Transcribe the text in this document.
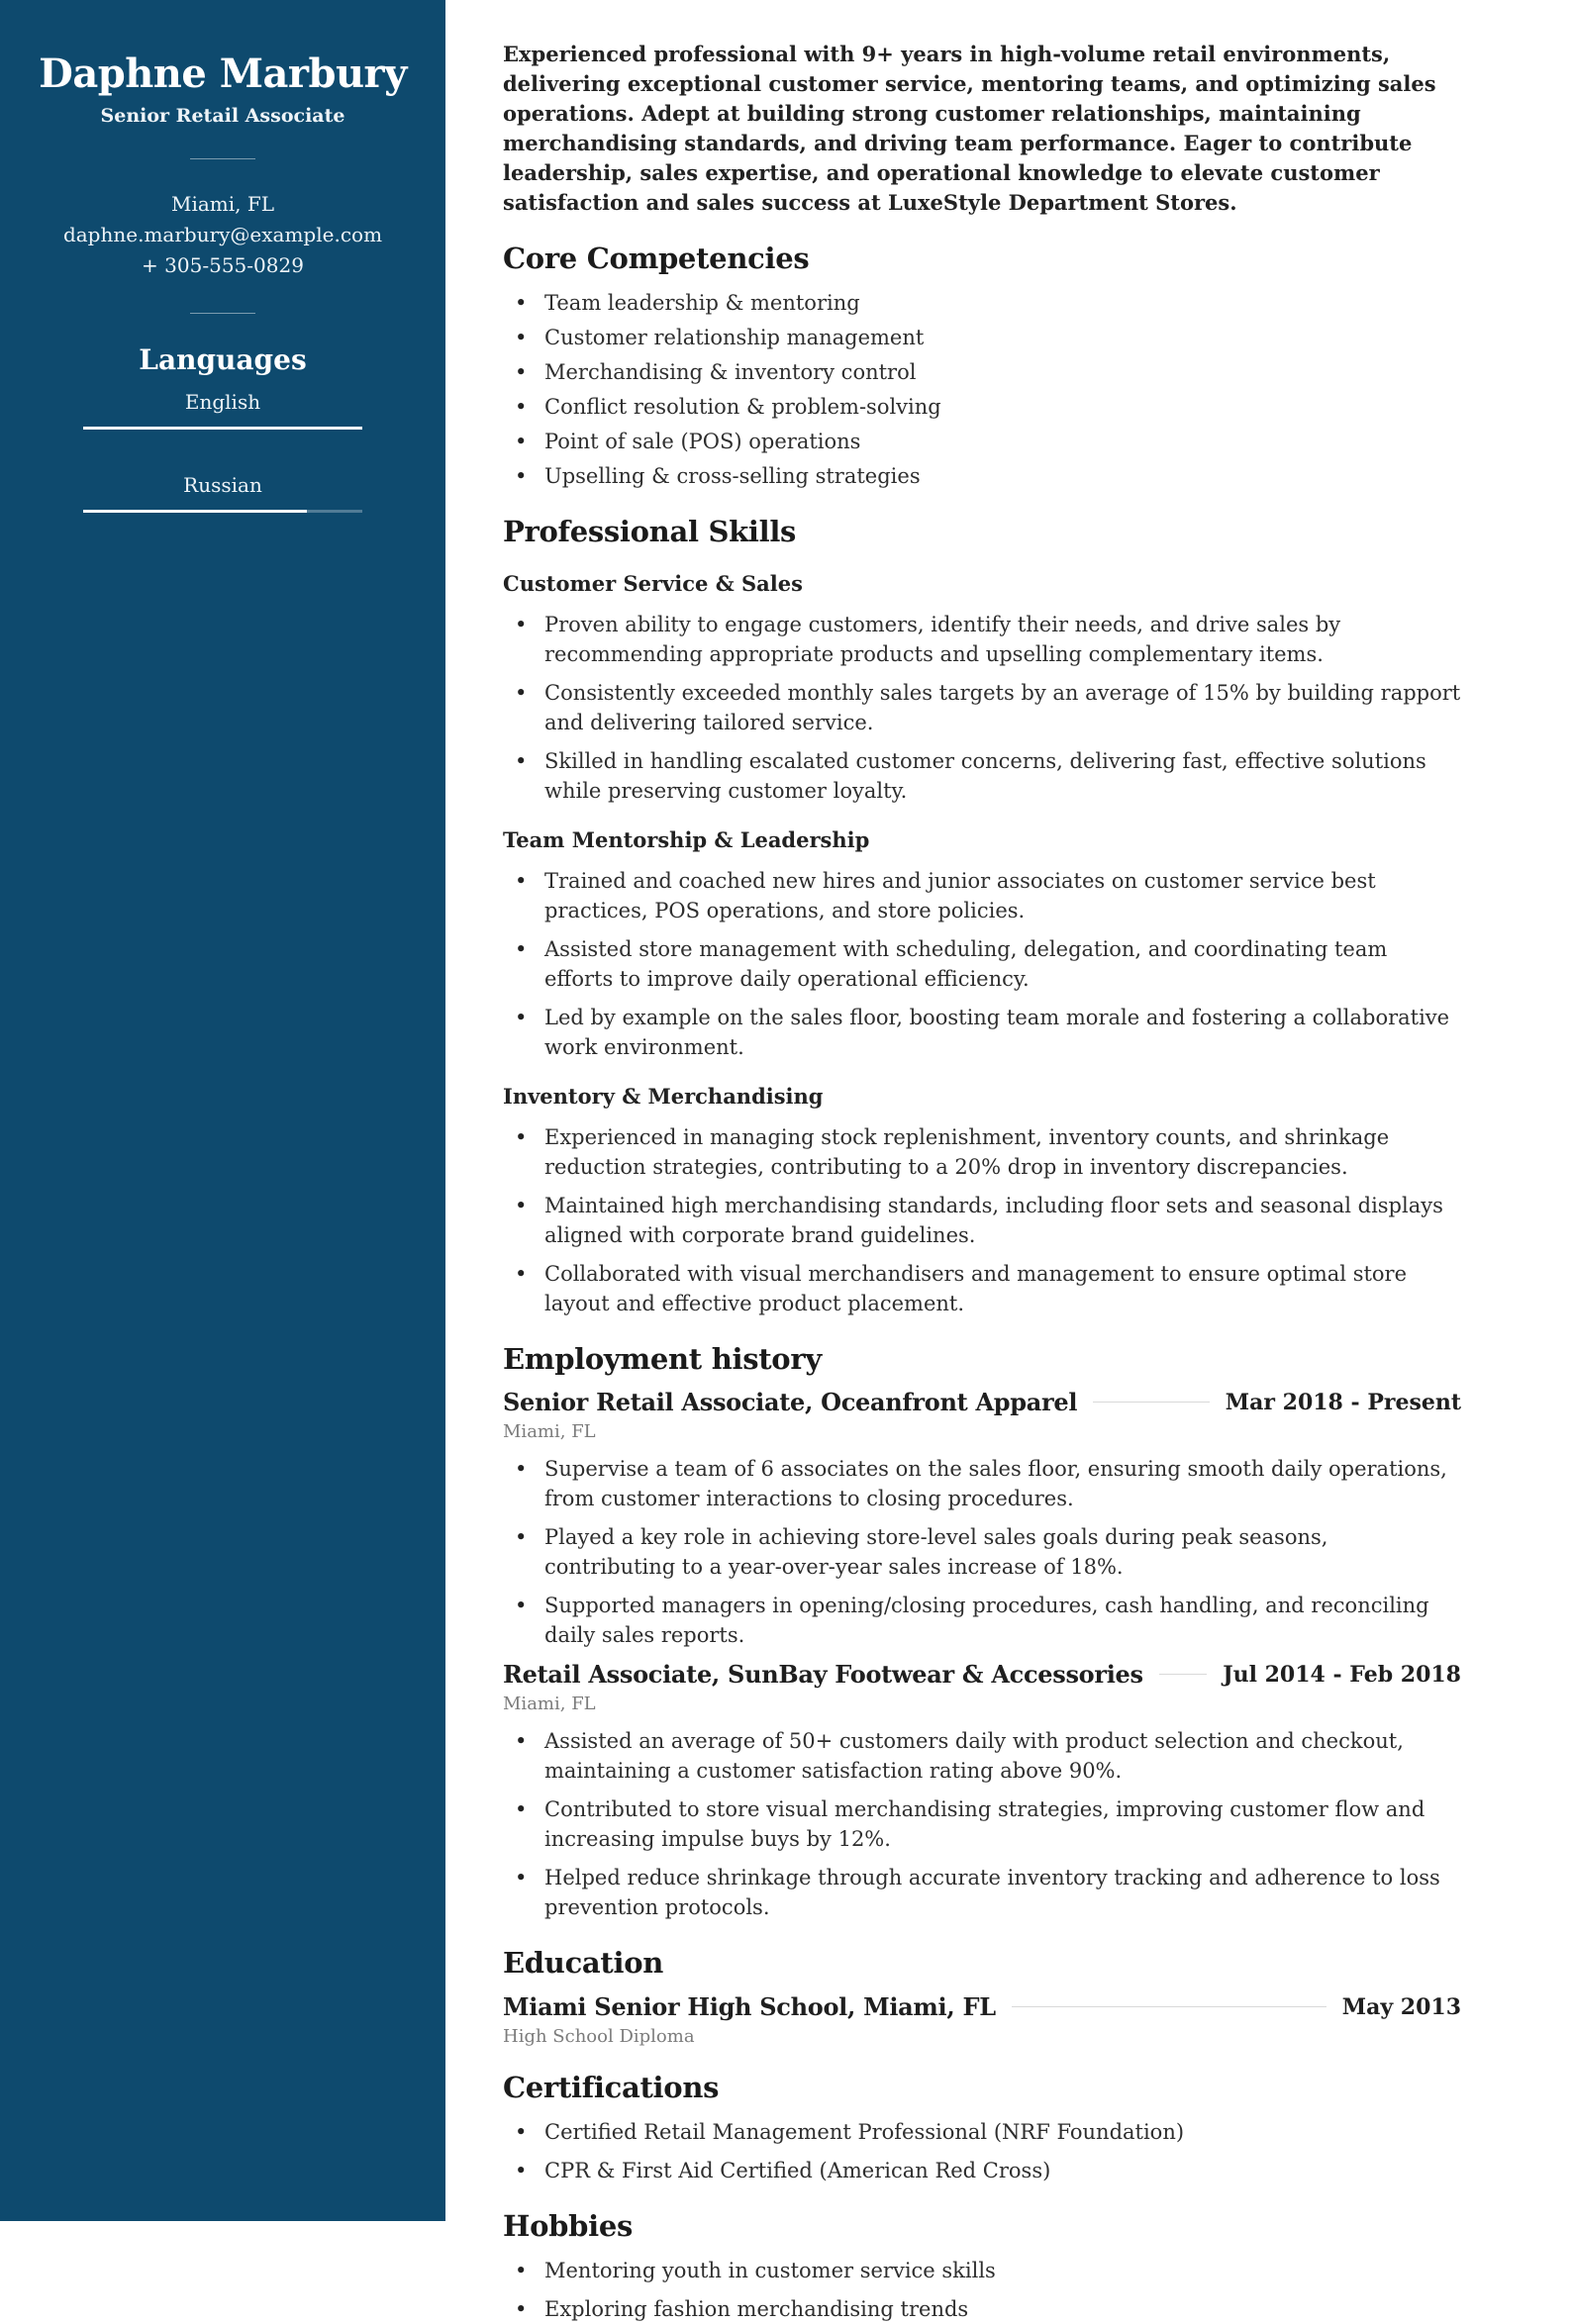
Daphne Marbury
Senior Retail Associate
Miami, FL
daphne.marbury@example.com
+ 305-555-0829
Languages
English
Russian

Experienced professional with 9+ years in high-volume retail environments, delivering exceptional customer service, mentoring teams, and optimizing sales operations. Adept at building strong customer relationships, maintaining merchandising standards, and driving team performance. Eager to contribute leadership, sales expertise, and operational knowledge to elevate customer satisfaction and sales success at LuxeStyle Department Stores.

Core Competencies
• Team leadership & mentoring
• Customer relationship management
• Merchandising & inventory control
• Conflict resolution & problem-solving
• Point of sale (POS) operations
• Upselling & cross-selling strategies
Professional Skills
Customer Service & Sales
• Proven ability to engage customers, identify their needs, and drive sales by recommending appropriate products and upselling complementary items.
• Consistently exceeded monthly sales targets by an average of 15% by building rapport and delivering tailored service.
• Skilled in handling escalated customer concerns, delivering fast, effective solutions while preserving customer loyalty.
Team Mentorship & Leadership
• Trained and coached new hires and junior associates on customer service best practices, POS operations, and store policies.
• Assisted store management with scheduling, delegation, and coordinating team efforts to improve daily operational efficiency.
• Led by example on the sales floor, boosting team morale and fostering a collaborative work environment.
Inventory & Merchandising
• Experienced in managing stock replenishment, inventory counts, and shrinkage reduction strategies, contributing to a 20% drop in inventory discrepancies.
• Maintained high merchandising standards, including floor sets and seasonal displays aligned with corporate brand guidelines.
• Collaborated with visual merchandisers and management to ensure optimal store layout and effective product placement.
Employment history
Senior Retail Associate, Oceanfront Apparel	Mar 2018 - Present
Miami, FL
• Supervise a team of 6 associates on the sales floor, ensuring smooth daily operations, from customer interactions to closing procedures.
• Played a key role in achieving store-level sales goals during peak seasons, contributing to a year-over-year sales increase of 18%.
• Supported managers in opening/closing procedures, cash handling, and reconciling daily sales reports.
Retail Associate, SunBay Footwear & Accessories	Jul 2014 - Feb 2018
Miami, FL
• Assisted an average of 50+ customers daily with product selection and checkout, maintaining a customer satisfaction rating above 90%.
• Contributed to store visual merchandising strategies, improving customer flow and increasing impulse buys by 12%.
• Helped reduce shrinkage through accurate inventory tracking and adherence to loss prevention protocols.
Education
Miami Senior High School, Miami, FL	May 2013
High School Diploma
Certifications
• Certified Retail Management Professional (NRF Foundation)
• CPR & First Aid Certified (American Red Cross)
Hobbies
• Mentoring youth in customer service skills
• Exploring fashion merchandising trends
